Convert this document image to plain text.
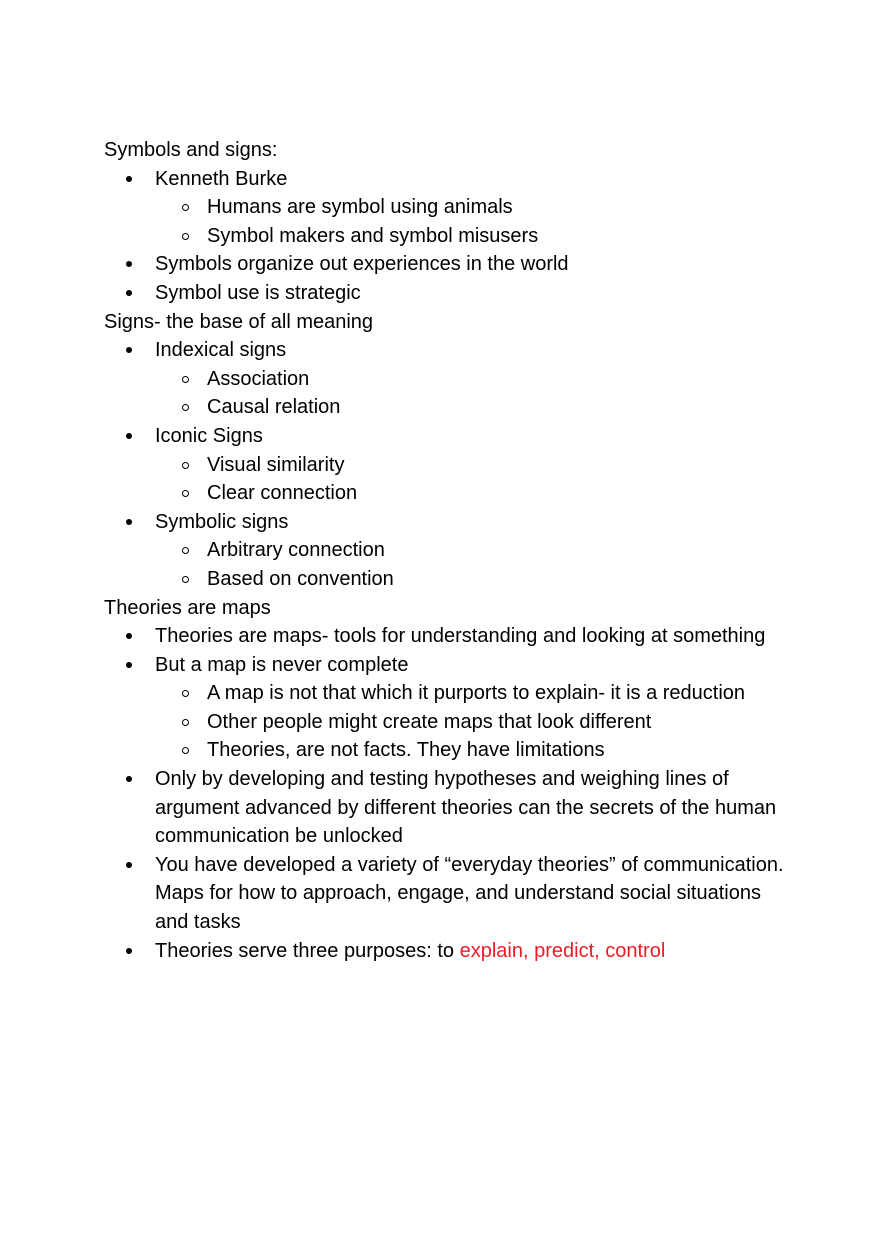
Symbols and signs:

Kenneth Burke
Humans are symbol using animals
Symbol makers and symbol misusers
Symbols organize out experiences in the world
Symbol use is strategic

Signs- the base of all meaning

Indexical signs
Association
Causal relation
Iconic Signs
Visual similarity
Clear connection
Symbolic signs
Arbitrary connection
Based on convention

Theories are maps

Theories are maps- tools for understanding and looking at something
But a map is never complete
A map is not that which it purports to explain- it is a reduction
Other people might create maps that look different
Theories, are not facts. They have limitations
Only by developing and testing hypotheses and weighing lines of argument advanced by different theories can the secrets of the human communication be unlocked
You have developed a variety of “everyday theories” of communication. Maps for how to approach, engage, and understand social situations and tasks
Theories serve three purposes: to explain, predict, control
